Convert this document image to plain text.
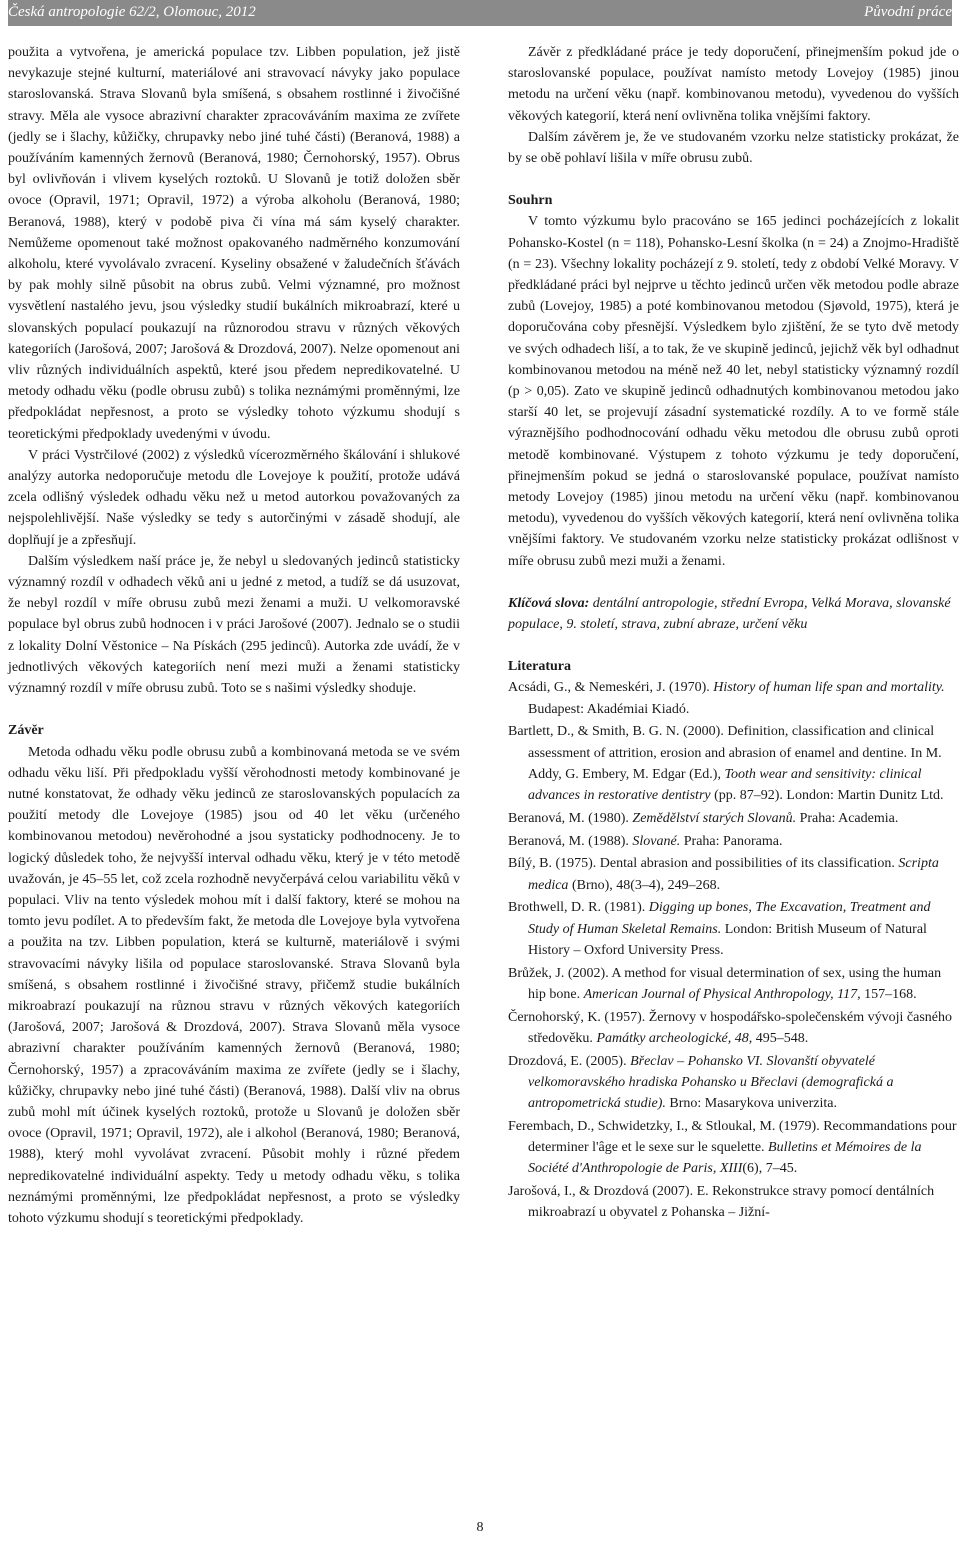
Česká antropologie 62/2, Olomouc, 2012	Původní práce

použita a vytvořena, je americká populace tzv. Libben population, jež jistě nevykazuje stejné kulturní, materiálové ani stravovací návyky jako populace staroslovanská. Strava Slovanů byla smíšená, s obsahem rostlinné i živočišné stravy. Měla ale vysoce abrazivní charakter zpracováváním maxima ze zvířete (jedly se i šlachy, kůžičky, chrupavky nebo jiné tuhé části) (Beranová, 1988) a používáním kamenných žernovů (Beranová, 1980; Černohorský, 1957). Obrus byl ovlivňován i vlivem kyselých roztoků. U Slovanů je totiž doložen sběr ovoce (Opravil, 1971; Opravil, 1972) a výroba alkoholu (Beranová, 1980; Beranová, 1988), který v podobě piva či vína má sám kyselý charakter. Nemůžeme opomenout také možnost opakovaného nadměrného konzumování alkoholu, které vyvolávalo zvracení. Kyseliny obsažené v žaludečních šťávách by pak mohly silně působit na obrus zubů. Velmi významné, pro možnost vysvětlení nastalého jevu, jsou výsledky studií bukálních mikroabrazí, které u slovanských populací poukazují na různorodou stravu v různých věkových kategoriích (Jarošová, 2007; Jarošová & Drozdová, 2007). Nelze opomenout ani vliv různých individuálních aspektů, které jsou předem nepredikovatelné. U metody odhadu věku (podle obrusu zubů) s tolika neznámými proměnnými, lze předpokládat nepřesnost, a proto se výsledky tohoto výzkumu shodují s teoretickými předpoklady uvedenými v úvodu.

V práci Vystrčilové (2002) z výsledků vícerozměrného škálování i shlukové analýzy autorka nedoporučuje metodu dle Lovejoye k použití, protože udává zcela odlišný výsledek odhadu věku než u metod autorkou považovaných za nejspolehlivější. Naše výsledky se tedy s autorčinými v zásadě shodují, ale doplňují je a zpřesňují.

Dalším výsledkem naší práce je, že nebyl u sledovaných jedinců statisticky významný rozdíl v odhadech věků ani u jedné z metod, a tudíž se dá usuzovat, že nebyl rozdíl v míře obrusu zubů mezi ženami a muži. U velkomoravské populace byl obrus zubů hodnocen i v práci Jarošové (2007). Jednalo se o studii z lokality Dolní Věstonice – Na Pískách (295 jedinců). Autorka zde uvádí, že v jednotlivých věkových kategoriích není mezi muži a ženami statisticky významný rozdíl v míře obrusu zubů. Toto se s našimi výsledky shoduje.

Závěr

Metoda odhadu věku podle obrusu zubů a kombinovaná metoda se ve svém odhadu věku liší. Při předpokladu vyšší věrohodnosti metody kombinované je nutné konstatovat, že odhady věku jedinců ze staroslovanských populacích za použití metody dle Lovejoye (1985) jsou od 40 let věku (určeného kombinovanou metodou) nevěrohodné a jsou systaticky podhodnoceny. Je to logický důsledek toho, že nejvyšší interval odhadu věku, který je v této metodě uvažován, je 45–55 let, což zcela rozhodně nevyčerpává celou variabilitu věků v populaci. Vliv na tento výsledek mohou mít i další faktory, které se mohou na tomto jevu podílet. A to především fakt, že metoda dle Lovejoye byla vytvořena a použita na tzv. Libben population, která se kulturně, materiálově i svými stravovacími návyky lišila od populace staroslovanské. Strava Slovanů byla smíšená, s obsahem rostlinné i živočišné stravy, přičemž studie bukálních mikroabrazí poukazují na různou stravu v různých věkových kategoriích (Jarošová, 2007; Jarošová & Drozdová, 2007). Strava Slovanů měla vysoce abrazivní charakter používáním kamenných žernovů (Beranová, 1980; Černohorský, 1957) a zpracováváním maxima ze zvířete (jedly se i šlachy, kůžičky, chrupavky nebo jiné tuhé části) (Beranová, 1988). Další vliv na obrus zubů mohl mít účinek kyselých roztoků, protože u Slovanů je doložen sběr ovoce (Opravil, 1971; Opravil, 1972), ale i alkohol (Beranová, 1980; Beranová, 1988), který mohl vyvolávat zvracení. Působit mohly i různé předem nepredikovatelné individuální aspekty. Tedy u metody odhadu věku, s tolika neznámými proměnnými, lze předpokládat nepřesnost, a proto se výsledky tohoto výzkumu shodují s teoretickými předpoklady.

Závěr z předkládané práce je tedy doporučení, přinejmenším pokud jde o staroslovanské populace, používat namísto metody Lovejoy (1985) jinou metodu na určení věku (např. kombinovanou metodu), vyvedenou do vyšších věkových kategorií, která není ovlivněna tolika vnějšími faktory.

Dalším závěrem je, že ve studovaném vzorku nelze statisticky prokázat, že by se obě pohlaví lišila v míře obrusu zubů.

Souhrn

V tomto výzkumu bylo pracováno se 165 jedinci pocházejících z lokalit Pohansko-Kostel (n = 118), Pohansko-Lesní školka (n = 24) a Znojmo-Hradiště (n = 23). Všechny lokality pocházejí z 9. století, tedy z období Velké Moravy. V předkládané práci byl nejprve u těchto jedinců určen věk metodou podle abraze zubů (Lovejoy, 1985) a poté kombinovanou metodou (Sjøvold, 1975), která je doporučována coby přesnější. Výsledkem bylo zjištění, že se tyto dvě metody ve svých odhadech liší, a to tak, že ve skupině jedinců, jejichž věk byl odhadnut kombinovanou metodou na méně než 40 let, nebyl statisticky významný rozdíl (p > 0,05). Zato ve skupině jedinců odhadnutých kombinovanou metodou jako starší 40 let, se projevují zásadní systematické rozdíly. A to ve formě stále výraznějšího podhodnocování odhadu věku metodou dle obrusu zubů oproti metodě kombinované. Výstupem z tohoto výzkumu je tedy doporučení, přinejmenším pokud se jedná o staroslovanské populace, používat namísto metody Lovejoy (1985) jinou metodu na určení věku (např. kombinovanou metodu), vyvedenou do vyšších věkových kategorií, která není ovlivněna tolika vnějšími faktory. Ve studovaném vzorku nelze statisticky prokázat odlišnost v míře obrusu zubů mezi muži a ženami.

Klíčová slova: dentální antropologie, střední Evropa, Velká Morava, slovanské populace, 9. století, strava, zubní abraze, určení věku

Literatura

Acsádi, G., & Nemeskéri, J. (1970). History of human life span and mortality. Budapest: Akadémiai Kiadó.

Bartlett, D., & Smith, B. G. N. (2000). Definition, classification and clinical assessment of attrition, erosion and abrasion of enamel and dentine. In M. Addy, G. Embery, M. Edgar (Ed.), Tooth wear and sensitivity: clinical advances in restorative dentistry (pp. 87–92). London: Martin Dunitz Ltd.

Beranová, M. (1980). Zemědělství starých Slovanů. Praha: Academia.

Beranová, M. (1988). Slované. Praha: Panorama.

Bílý, B. (1975). Dental abrasion and possibilities of its classification. Scripta medica (Brno), 48(3–4), 249–268.

Brothwell, D. R. (1981). Digging up bones, The Excavation, Treatment and Study of Human Skeletal Remains. London: British Museum of Natural History – Oxford University Press.

Brůžek, J. (2002). A method for visual determination of sex, using the human hip bone. American Journal of Physical Anthropology, 117, 157–168.

Černohorský, K. (1957). Žernovy v hospodářsko-společenském vývoji časného středověku. Památky archeologické, 48, 495–548.

Drozdová, E. (2005). Břeclav – Pohansko VI. Slovanští obyvatelé velkomoravského hradiska Pohansko u Břeclavi (demografická a antropometrická studie). Brno: Masarykova univerzita.

Ferembach, D., Schwidetzky, I., & Stloukal, M. (1979). Recommandations pour determiner l'âge et le sexe sur le squelette. Bulletins et Mémoires de la Société d'Anthropologie de Paris, XIII(6), 7–45.

Jarošová, I., & Drozdová (2007). E. Rekonstrukce stravy pomocí dentálních mikroabrazí u obyvatel z Pohanska – Jižní-

8
